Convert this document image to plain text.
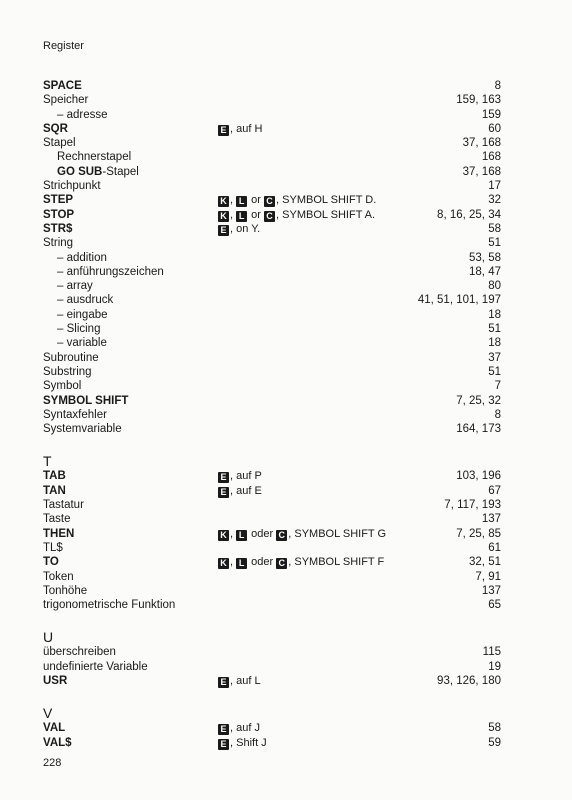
Register
SPACE	8
Speicher	159, 163
– adresse	159
SQR	E , auf H	60
Stapel	37, 168
Rechnerstapel	168
GO SUB-Stapel	37, 168
Strichpunkt	17
STEP	K , L or C , SYMBOL SHIFT D.	32
STOP	K , L or C , SYMBOL SHIFT A.	8, 16, 25, 34
STR$	E , on Y.	58
String	51
– addition	53, 58
– anführungszeichen	18, 47
– array	80
– ausdruck	41, 51, 101, 197
– eingabe	18
– Slicing	51
– variable	18
Subroutine	37
Substring	51
Symbol	7
SYMBOL SHIFT	7, 25, 32
Syntaxfehler	8
Systemvariable	164, 173
T
TAB	E , auf P	103, 196
TAN	E , auf E	67
Tastatur	7, 117, 193
Taste	137
THEN	K , L oder C , SYMBOL SHIFT G	7, 25, 85
TL$	61
TO	K , L oder C , SYMBOL SHIFT F	32, 51
Token	7, 91
Tonhöhe	137
trigonometrische Funktion	65
U
überschreiben	115
undefinierte Variable	19
USR	E , auf L	93, 126, 180
V
VAL	E , auf J	58
VAL$	E , Shift J	59
228
